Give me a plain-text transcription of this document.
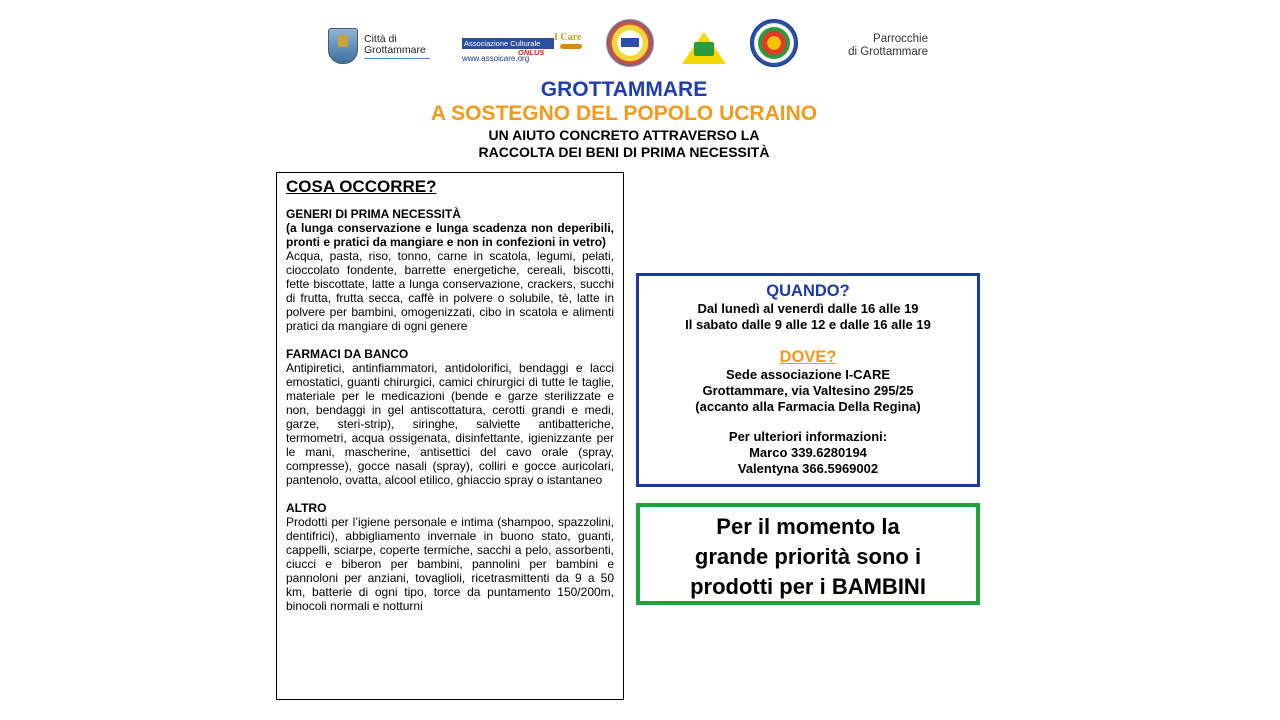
Città di
Grottammare	Associazione Culturale
ONLUS
www.assoicare.org
I Care	Parrocchie
di Grottammare
GROTTAMMARE
A SOSTEGNO DEL POPOLO UCRAINO
UN AIUTO CONCRETO ATTRAVERSO LA
RACCOLTA DEI BENI DI PRIMA NECESSITÀ
COSA OCCORRE?
GENERI DI PRIMA NECESSITÀ
(a lunga conservazione e lunga scadenza non deperibili, pronti e pratici da mangiare e non in confezioni in vetro)
Acqua, pasta, riso, tonno, carne in scatola, legumi, pelati, cioccolato fondente, barrette energetiche, cereali, biscotti, fette biscottate, latte a lunga conservazione, crackers, succhi di frutta, frutta secca, caffè in polvere o solubile, tè, latte in polvere per bambini, omogenizzati, cibo in scatola e alimenti pratici da mangiare di ogni genere
FARMACI DA BANCO
Antipiretici, antinfiammatori, antidolorifici, bendaggi e lacci emostatici, guanti chirurgici, camici chirurgici di tutte le taglie, materiale per le medicazioni (bende e garze sterilizzate e non, bendaggi in gel antiscottatura, cerotti grandi e medi, garze, steri-strip), siringhe, salviette antibatteriche, termometri, acqua ossigenata, disinfettante, igienizzante per le mani, mascherine, antisettici del cavo orale (spray, compresse), gocce nasali (spray), colliri e gocce auricolari, pantenolo, ovatta, alcool etilico, ghiaccio spray o istantaneo
ALTRO
Prodotti per l’igiene personale e intima (shampoo, spazzolini, dentifrici), abbigliamento invernale in buono stato, guanti, cappelli, sciarpe, coperte termiche, sacchi a pelo, assorbenti, ciucci e biberon per bambini, pannolini per bambini e pannoloni per anziani, tovaglioli, ricetrasmittenti da 9 a 50 km, batterie di ogni tipo, torce da puntamento 150/200m, binocoli normali e notturni
QUANDO?
Dal lunedì al venerdì dalle 16 alle 19
Il sabato dalle 9 alle 12 e dalle 16 alle 19
DOVE?
Sede associazione I-CARE
Grottammare, via Valtesino 295/25
(accanto alla Farmacia Della Regina)
Per ulteriori informazioni:
Marco 339.6280194
Valentyna 366.5969002
Per il momento la
grande priorità sono i
prodotti per i BAMBINI
